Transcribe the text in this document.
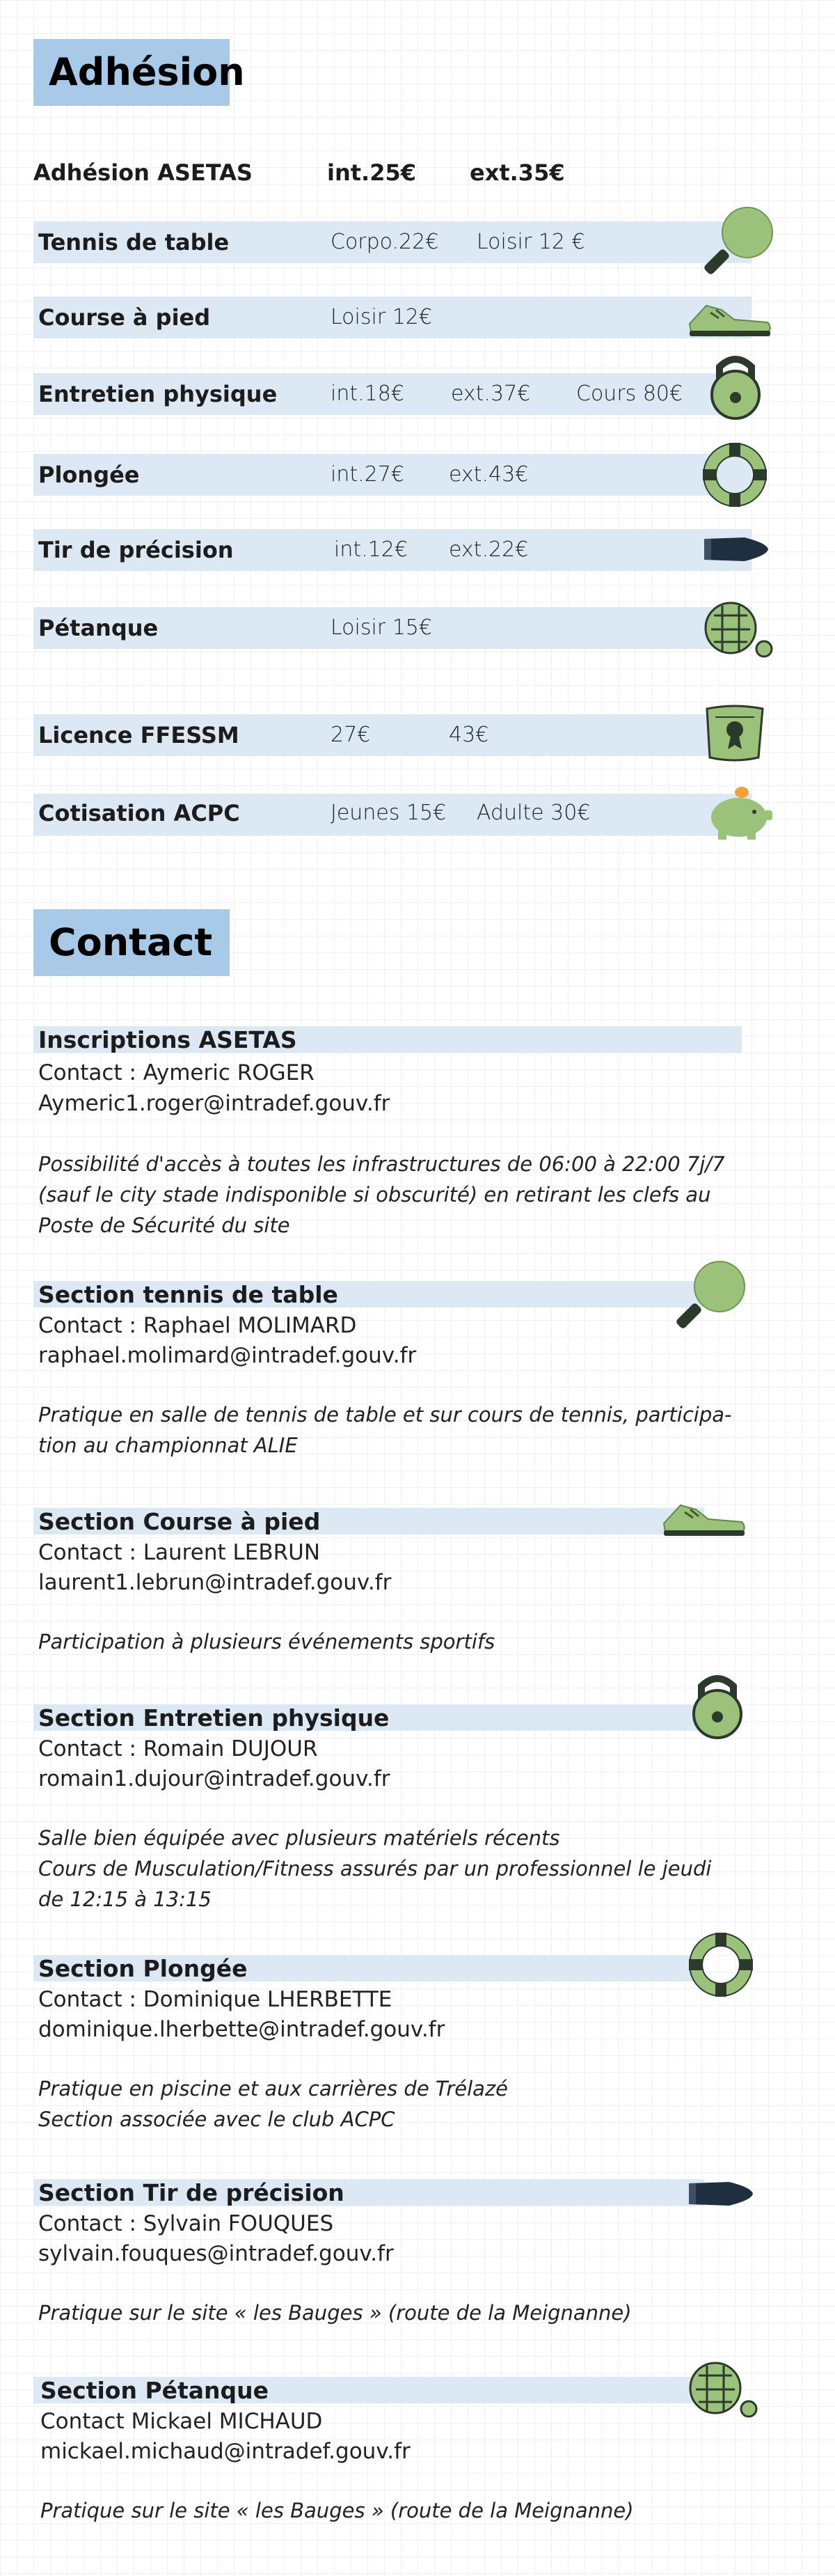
Adhésion
Adhésion ASETAS	int.25€ ext.35€
Tennis de table	Corpo.22€ Loisir 12 €
Course à pied	Loisir 12€
Entretien physique	int.18€ ext.37€ Cours 80€
Plongée	int.27€ ext.43€
Tir de précision	int.12€ ext.22€
Pétanque	Loisir 15€
Licence FFESSM	27€	43€
Cotisation ACPC	Jeunes 15€ Adulte 30€
Contact
Inscriptions ASETAS
Contact : Aymeric ROGER
Aymeric1.roger@intradef.gouv.fr
Possibilité d'accès à toutes les infrastructures de 06:00 à 22:00 7j/7
(sauf le city stade indisponible si obscurité) en retirant les clefs au
Poste de Sécurité du site
Section tennis de table
Contact : Raphael MOLIMARD
raphael.molimard@intradef.gouv.fr
Pratique en salle de tennis de table et sur cours de tennis, participa-
tion au championnat ALIE
Section Course à pied
Contact : Laurent LEBRUN
laurent1.lebrun@intradef.gouv.fr
Participation à plusieurs événements sportifs
Section Entretien physique
Contact : Romain DUJOUR
romain1.dujour@intradef.gouv.fr
Salle bien équipée avec plusieurs matériels récents
Cours de Musculation/Fitness assurés par un professionnel le jeudi
de 12:15 à 13:15
Section Plongée
Contact : Dominique LHERBETTE
dominique.lherbette@intradef.gouv.fr
Pratique en piscine et aux carrières de Trélazé
Section associée avec le club ACPC
Section Tir de précision
Contact : Sylvain FOUQUES
sylvain.fouques@intradef.gouv.fr
Pratique sur le site « les Bauges » (route de la Meignanne)
Section Pétanque
Contact Mickael MICHAUD
mickael.michaud@intradef.gouv.fr
Pratique sur le site « les Bauges » (route de la Meignanne)
